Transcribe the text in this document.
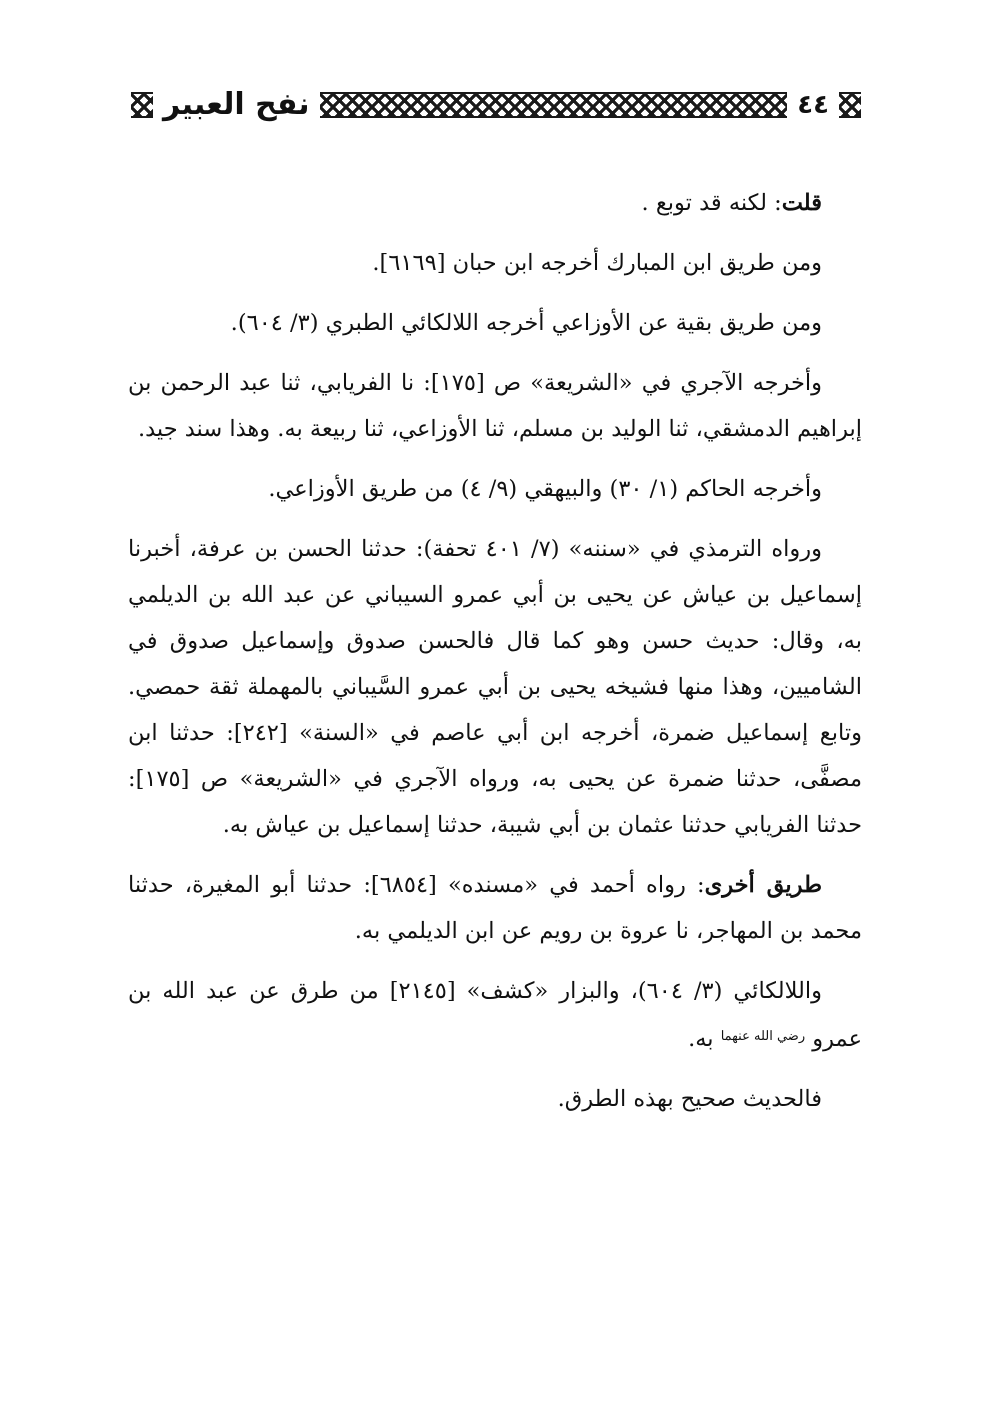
٤٤
نفح العبير

قلت: لكنه قد توبع .

ومن طريق ابن المبارك أخرجه ابن حبان [٦١٦٩].

ومن طريق بقية عن الأوزاعي أخرجه اللالكائي الطبري (٣/ ٦٠٤).

وأخرجه الآجري في «الشريعة» ص [١٧٥]: نا الفريابي، ثنا عبد الرحمن بن إبراهيم الدمشقي، ثنا الوليد بن مسلم، ثنا الأوزاعي، ثنا ربيعة به. وهذا سند جيد.

وأخرجه الحاكم (١/ ٣٠) والبيهقي (٩/ ٤) من طريق الأوزاعي.

ورواه الترمذي في «سننه» (٧/ ٤٠١ تحفة): حدثنا الحسن بن عرفة، أخبرنا إسماعيل بن عياش عن يحيى بن أبي عمرو السيباني عن عبد الله بن الديلمي به، وقال: حديث حسن وهو كما قال فالحسن صدوق وإسماعيل صدوق في الشاميين، وهذا منها فشيخه يحيى بن أبي عمرو السَّيباني بالمهملة ثقة حمصي. وتابع إسماعيل ضمرة، أخرجه ابن أبي عاصم في «السنة» [٢٤٢]: حدثنا ابن مصفَّى، حدثنا ضمرة عن يحيى به، ورواه الآجري في «الشريعة» ص [١٧٥]: حدثنا الفريابي حدثنا عثمان بن أبي شيبة، حدثنا إسماعيل بن عياش به.

طريق أخرى: رواه أحمد في «مسنده» [٦٨٥٤]: حدثنا أبو المغيرة، حدثنا محمد بن المهاجر، نا عروة بن رويم عن ابن الديلمي به.

واللالكائي (٣/ ٦٠٤)، والبزار «كشف» [٢١٤٥] من طرق عن عبد الله بن عمرو $^{رضي الله عنهما}$ به.

فالحديث صحيح بهذه الطرق.
